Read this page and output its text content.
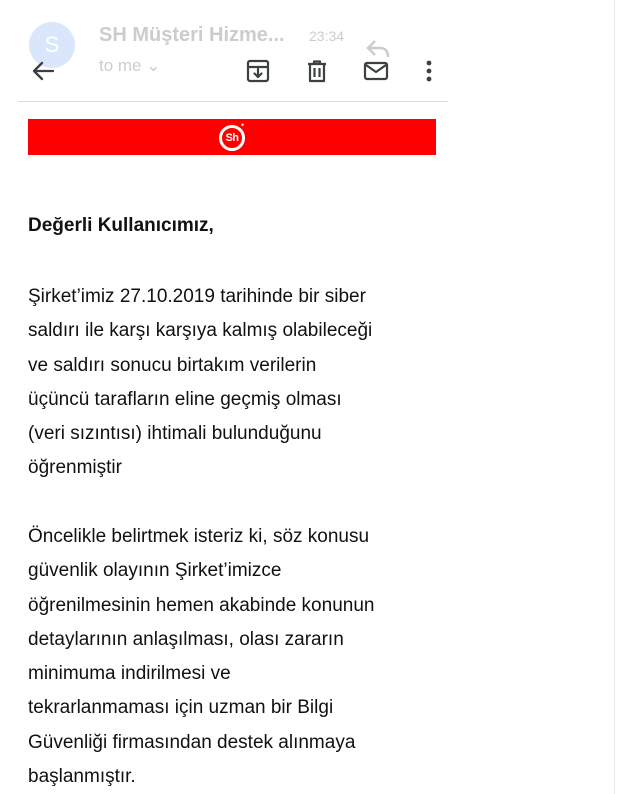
S	SH Müşteri Hizme... 23:34
to me ⌄
Sh
•
Değerli Kullanıcımız,
Şirket’imiz 27.10.2019 tarihinde bir siber
saldırı ile karşı karşıya kalmış olabileceği
ve saldırı sonucu birtakım verilerin
üçüncü tarafların eline geçmiş olması
(veri sızıntısı) ihtimali bulunduğunu
öğrenmiştir
Öncelikle belirtmek isteriz ki, söz konusu
güvenlik olayının Şirket’imizce
öğrenilmesinin hemen akabinde konunun
detaylarının anlaşılması, olası zararın
minimuma indirilmesi ve
tekrarlanmaması için uzman bir Bilgi
Güvenliği firmasından destek alınmaya
başlanmıştır.
